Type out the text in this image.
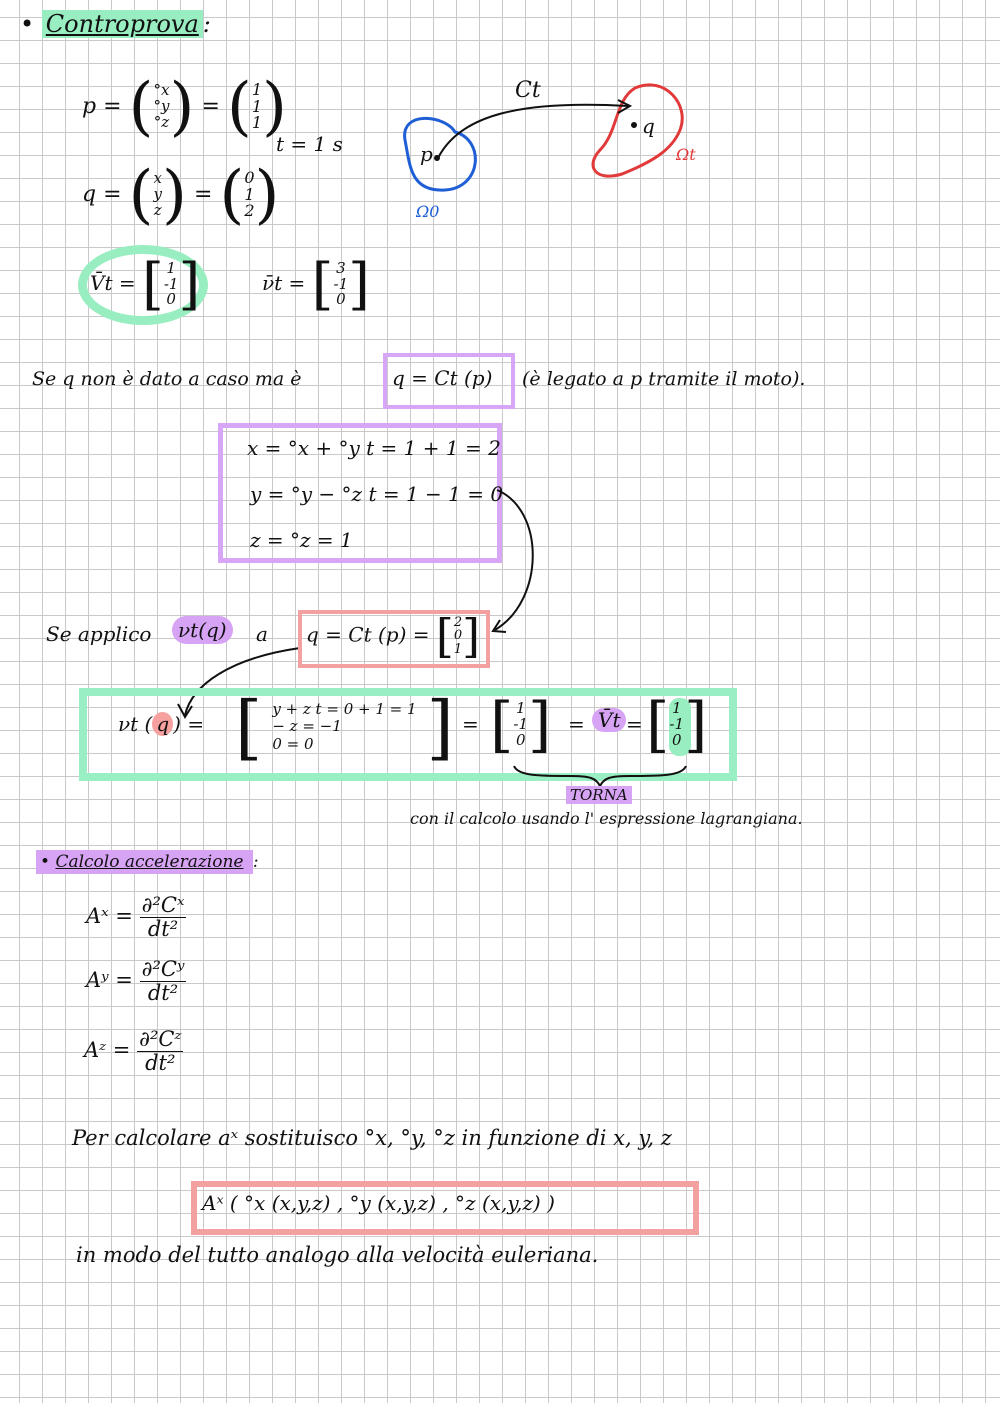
• Controprova :
p = ( °x
°y
°z ) = ( 1
1
1 )
t = 1 s
q = ( x
y
z ) = ( 0
1
2 )
V̄t = [ 1
-1
0 ]	𝜈̄t = [ 3
-1
0 ]
Ct
p
q
Ω0
Ωt
Se q non è dato a caso ma è	q = Ct (p) (è legato a p tramite il moto).
x = °x + °y t = 1 + 1 = 2
y = °y − °z t = 1 − 1 = 0
z = °z = 1
Se applico	𝜈t(q)	a q = Ct (p) = [ 2
0
1 ]
𝜈t ( q ) = [ y + z t = 0 + 1 = 1
− z = −1
0 = 0 ] = [ 1
-1
0 ] = V̄t = [ 1
-1
0 ]
TORNA
con il calcolo usando l' espressione lagrangiana.
• Calcolo accelerazione :
Aˣ = $\frac{\text{∂²Cˣ}}{\text{dt²}}$
Aʸ = $\frac{\text{∂²Cʸ}}{\text{dt²}}$
Aᶻ = $\frac{\text{∂²Cᶻ}}{\text{dt²}}$
Per calcolare aˣ sostituisco °x, °y, °z in funzione di x, y, z
Aˣ ( °x (x,y,z) , °y (x,y,z) , °z (x,y,z) )
in modo del tutto analogo alla velocità euleriana.
